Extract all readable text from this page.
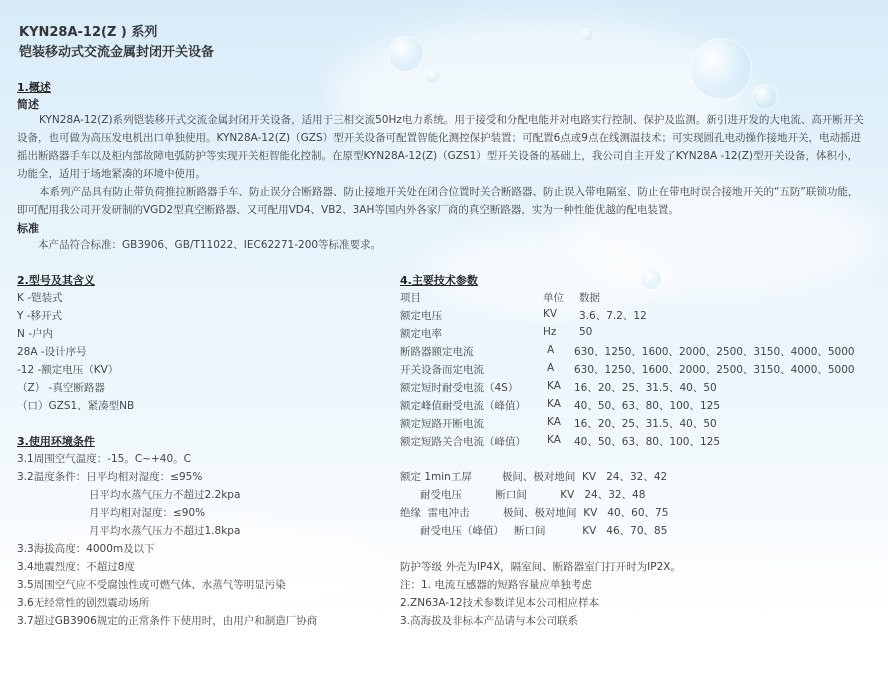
KYN28A-12(Z ) 系列
铠装移动式交流金属封闭开关设备
1.概述
简述
KYN28A-12(Z)系列铠装移开式交流金属封闭开关设备，适用于三相交流50Hz电力系统。用于接受和分配电能并对电路实行控制、保护及监测。新引进开发的大电流、高开断开关设备，也可做为高压发电机出口单独使用。KYN28A-12(Z)（GZS）型开关设备可配置智能化测控保护装置；可配置6点或9点在线测温技术；可实现圆孔电动操作接地开关，电动摇进摇出断路器手车以及柜内部故障电弧防护等实现开关柜智能化控制。在原型KYN28A-12(Z)（GZS1）型开关设备的基础上，我公司自主开发了KYN28A -12(Z)型开关设备，体积小，功能全，适用于场地紧凑的环境中使用。
本系列产品具有防止带负荷推拉断路器手车、防止误分合断路器、防止接地开关处在闭合位置时关合断路器、防止误入带电隔室、防止在带电时误合接地开关的“五防”联锁功能，即可配用我公司开发研制的VGD2型真空断路器、又可配用VD4、VB2、3AH等国内外各家厂商的真空断路器，实为一种性能优越的配电装置。
标准
本产品符合标准：GB3906、GB/T11022、IEC62271-200等标准要求。
2.型号及其含义
K -铠装式
Y -移开式
N -户内
28A -设计序号
-12 -额定电压（KV）
（Z） -真空断路器
（口）GZS1、紧凑型NB
3.使用环境条件
3.1周围空气温度：-15。C~+40。C
3.2温度条件：日平均相对湿度：≤95%
日平均水蒸气压力不超过2.2kpa
月平均相对湿度：≤90%
月平均水蒸气压力不超过1.8kpa
3.3海拔高度：4000m及以下
3.4地震烈度：不超过8度
3.5周围空气应不受腐蚀性或可燃气体、水蒸气等明显污染
3.6无经常性的剧烈震动场所
3.7超过GB3906规定的正常条件下使用时，由用户和制造厂协商
4.主要技术参数
项目	单位 数据
额定电压	KV 3.6、7.2、12
额定电率	Hz 50
断路器额定电流	A 630、1250、1600、2000、2500、3150、4000、5000
开关设备而定电流	A 630、1250、1600、2000、2500、3150、4000、5000
额定短时耐受电流（4S）	KA 16、20、25、31.5、40、50
额定峰值耐受电流（峰值） KA 40、50、63、80、100、125
额定短路开断电流	KA 16、20、25、31.5、40、50
额定短路关合电流（峰值） KA 40、50、63、80、100、125
额定 1min工屏         极间、极对地间  KV   24、32、42
耐受电压          断口间          KV   24、32、48
绝缘  雷电冲击          极间、极对地间  KV   40、60、75
耐受电压（峰值）   断口间           KV   46、70、85
防护等级 外壳为IP4X，隔室间、断路器室门打开时为IP2X。
注：1. 电流互感器的短路容量应单独考虑
2.ZN63A-12技术参数详见本公司相应样本
3.高海拔及非标本产品请与本公司联系
